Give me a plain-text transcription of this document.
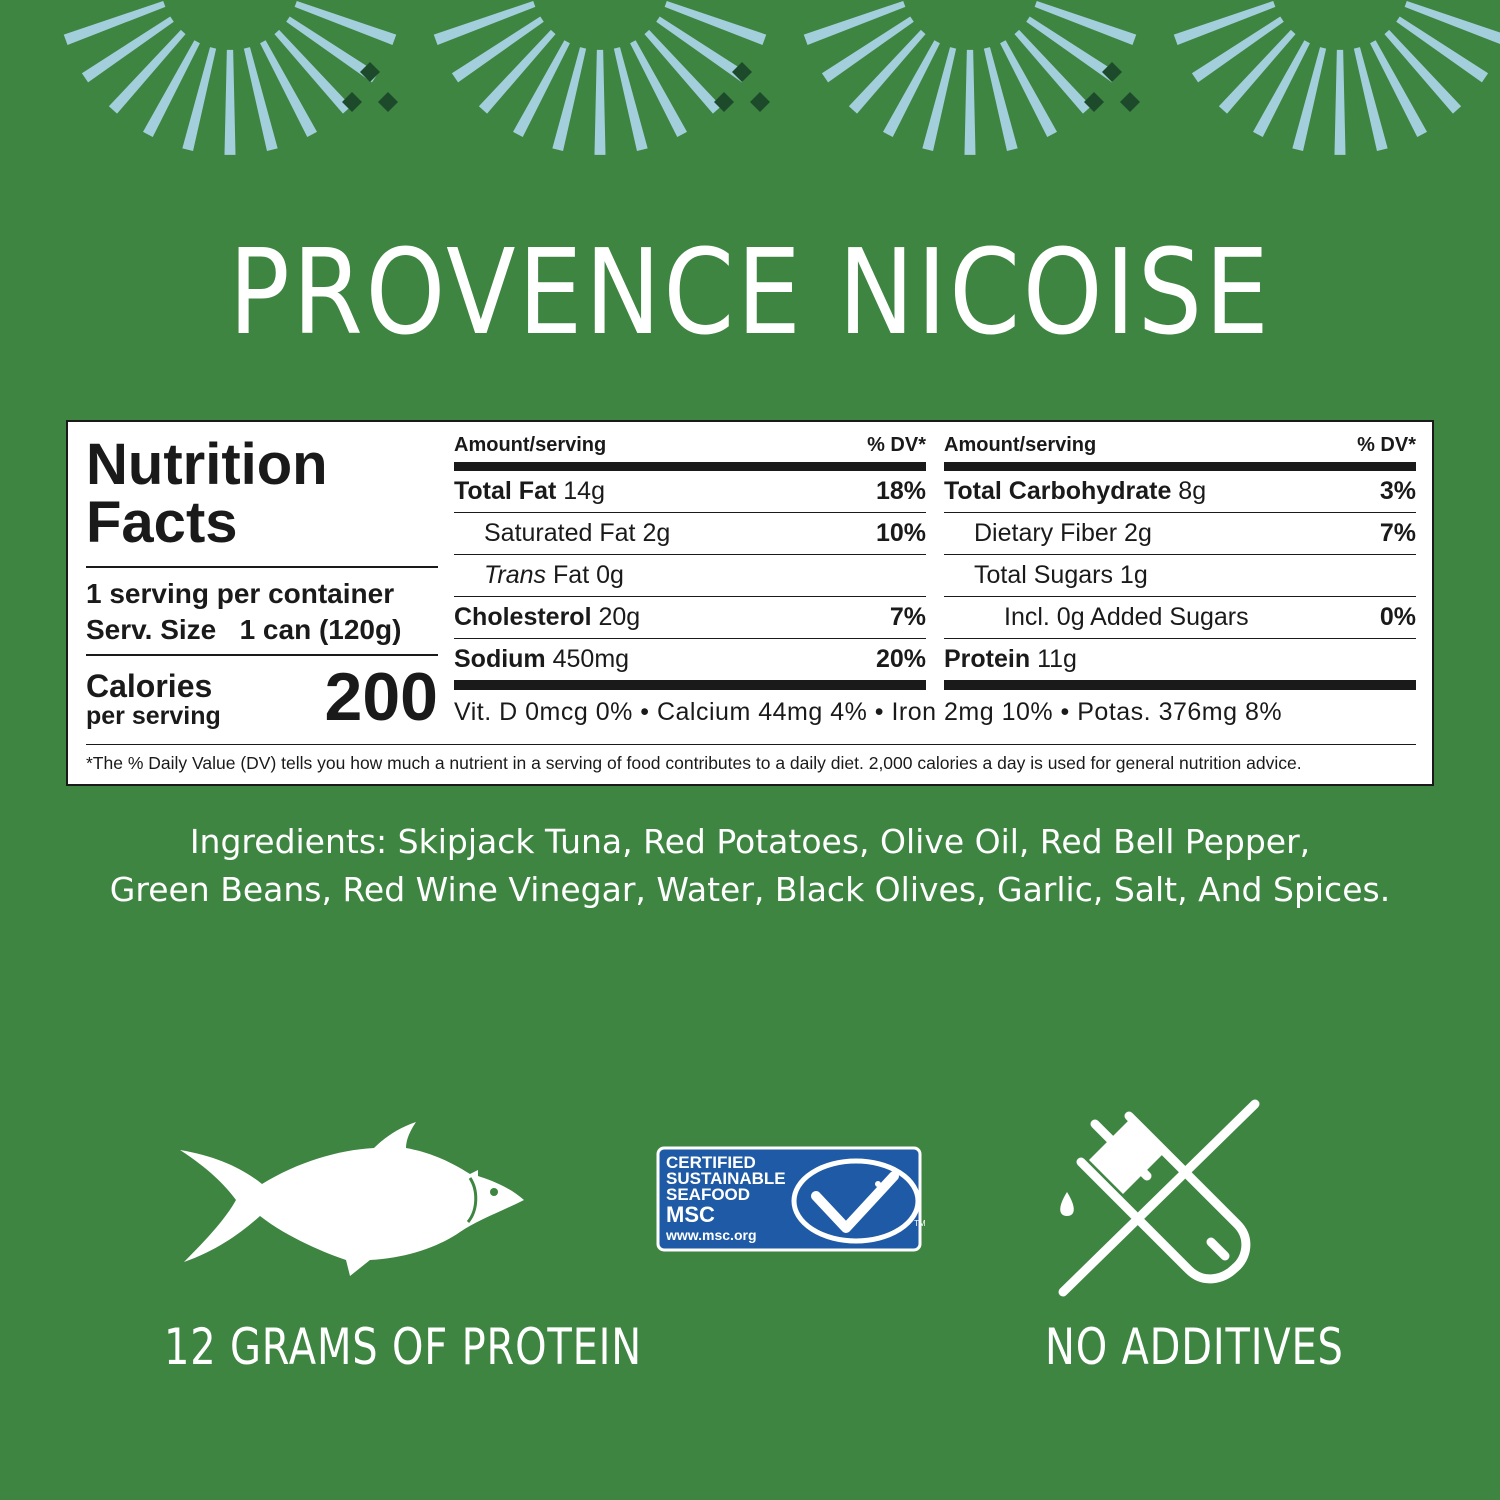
PROVENCE NICOISE
Nutrition
Facts
1 serving per container
Serv. Size 1 can (120g)
Calories
per serving 200
Amount/serving	% DV*
Total Fat 14g	18%
Saturated Fat 2g	10%
Trans Fat 0g
Cholesterol 20g	7%
Sodium 450mg	20%
Amount/serving	% DV*
Total Carbohydrate 8g	3%
Dietary Fiber 2g	7%
Total Sugars 1g
Incl. 0g Added Sugars	0%
Protein 11g
Vit. D 0mcg 0% • Calcium 44mg 4% • Iron 2mg 10% • Potas. 376mg 8%
*The % Daily Value (DV) tells you how much a nutrient in a serving of food contributes to a daily diet. 2,000 calories a day is used for general nutrition advice.
Ingredients: Skipjack Tuna, Red Potatoes, Olive Oil, Red Bell Pepper,
Green Beans, Red Wine Vinegar, Water, Black Olives, Garlic, Salt, And Spices.
CERTIFIED
SUSTAINABLE
SEAFOOD
MSC
www.msc.org
TM
12 GRAMS OF PROTEIN	NO ADDITIVES
